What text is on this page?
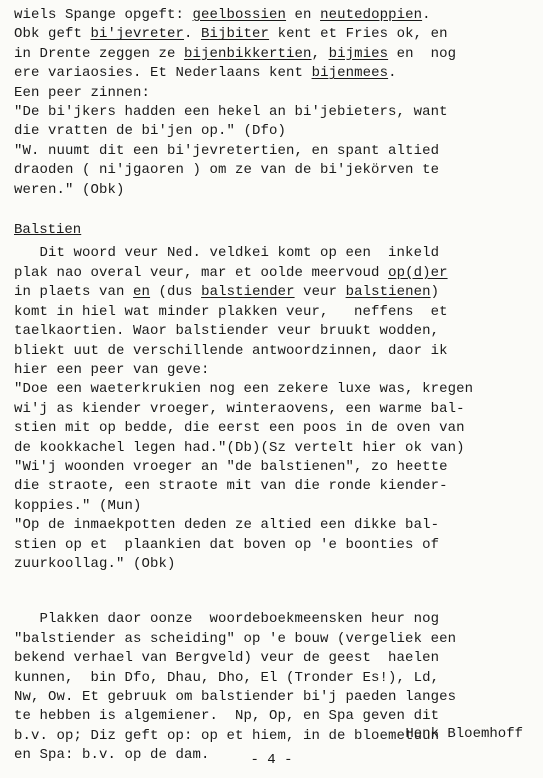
wiels Spange opgeft: geelbossien en neutedoppien.

Obk geft bi'jevreter. Bijbiter kent et Fries ok, en

in Drente zeggen ze bijenbikkertien, bijmies en  nog

ere variaosies. Et Nederlaans kent bijenmees.

Een peer zinnen:

"De bi'jkers hadden een hekel an bi'jebieters, want

die vratten de bi'jen op." (Dfo)

"W. nuumt dit een bi'jevretertien, en spant altied

draoden ( ni'jgaoren ) om ze van de bi'jekörven te

weren." (Obk)

Balstien

Dit woord veur Ned. veldkei komt op een  inkeld

plak nao overal veur, mar et oolde meervoud op(d)er

in plaets van en (dus balstiender veur balstienen)

komt in hiel wat minder plakken veur,   neffens  et

taelkaortien. Waor balstiender veur bruukt wodden,

bliekt uut de verschillende antwoordzinnen, daor ik

hier een peer van geve:

"Doe een waeterkrukien nog een zekere luxe was, kregen

wi'j as kiender vroeger, winteraovens, een warme bal-

stien mit op bedde, die eerst een poos in de oven van

de kookkachel legen had."(Db)(Sz vertelt hier ok van)

"Wi'j woonden vroeger an "de balstienen", zo heette

die straote, een straote mit van die ronde kiender-

koppies." (Mun)

"Op de inmaekpotten deden ze altied een dikke bal-

stien op et  plaankien dat boven op 'e boonties of

zuurkoollag." (Obk)

Plakken daor oonze  woordeboekmeensken heur nog

"balstiender as scheiding" op 'e bouw (vergeliek een

bekend verhael van Bergveld) veur de geest  haelen

kunnen,  bin Dfo, Dhau, Dho, El (Tronder Es!), Ld,

Nw, Ow. Et gebruuk om balstiender bi'j paeden langes

te hebben is algemiener.  Np, Op, en Spa geven dit

b.v. op; Diz geft op: op et hiem, in de bloemetuun

en Spa: b.v. op de dam.

Henk Bloemhoff
- 4 -
